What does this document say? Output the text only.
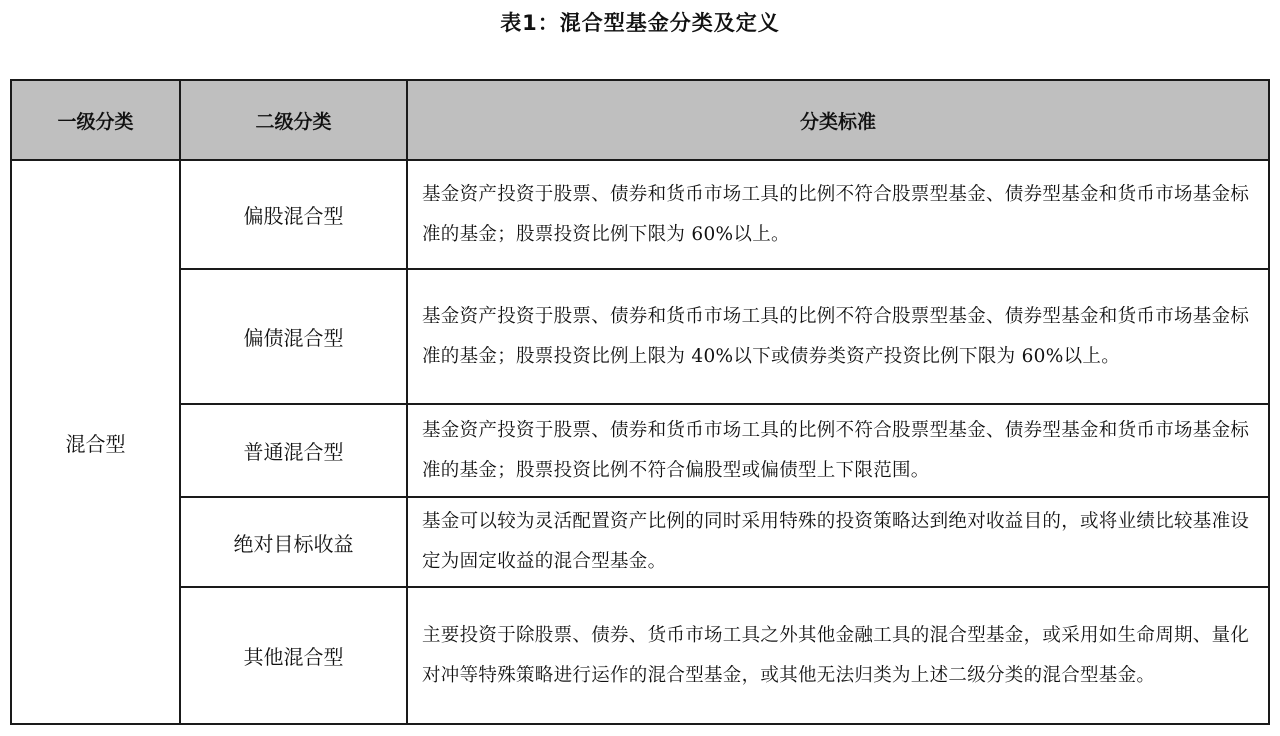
表1：混合型基金分类及定义
一级分类	二级分类	分类标准
混合型	偏股混合型	基金资产投资于股票、债券和货币市场工具的比例不符合股票型基金、债券型基金和货币市场基金标准的基金；股票投资比例下限为 60%以上。
	偏债混合型	基金资产投资于股票、债券和货币市场工具的比例不符合股票型基金、债券型基金和货币市场基金标准的基金；股票投资比例上限为 40%以下或债券类资产投资比例下限为 60%以上。
	普通混合型	基金资产投资于股票、债券和货币市场工具的比例不符合股票型基金、债券型基金和货币市场基金标准的基金；股票投资比例不符合偏股型或偏债型上下限范围。
	绝对目标收益	基金可以较为灵活配置资产比例的同时采用特殊的投资策略达到绝对收益目的，或将业绩比较基准设定为固定收益的混合型基金。
	其他混合型	主要投资于除股票、债券、货币市场工具之外其他金融工具的混合型基金，或采用如生命周期、量化对冲等特殊策略进行运作的混合型基金，或其他无法归类为上述二级分类的混合型基金。
